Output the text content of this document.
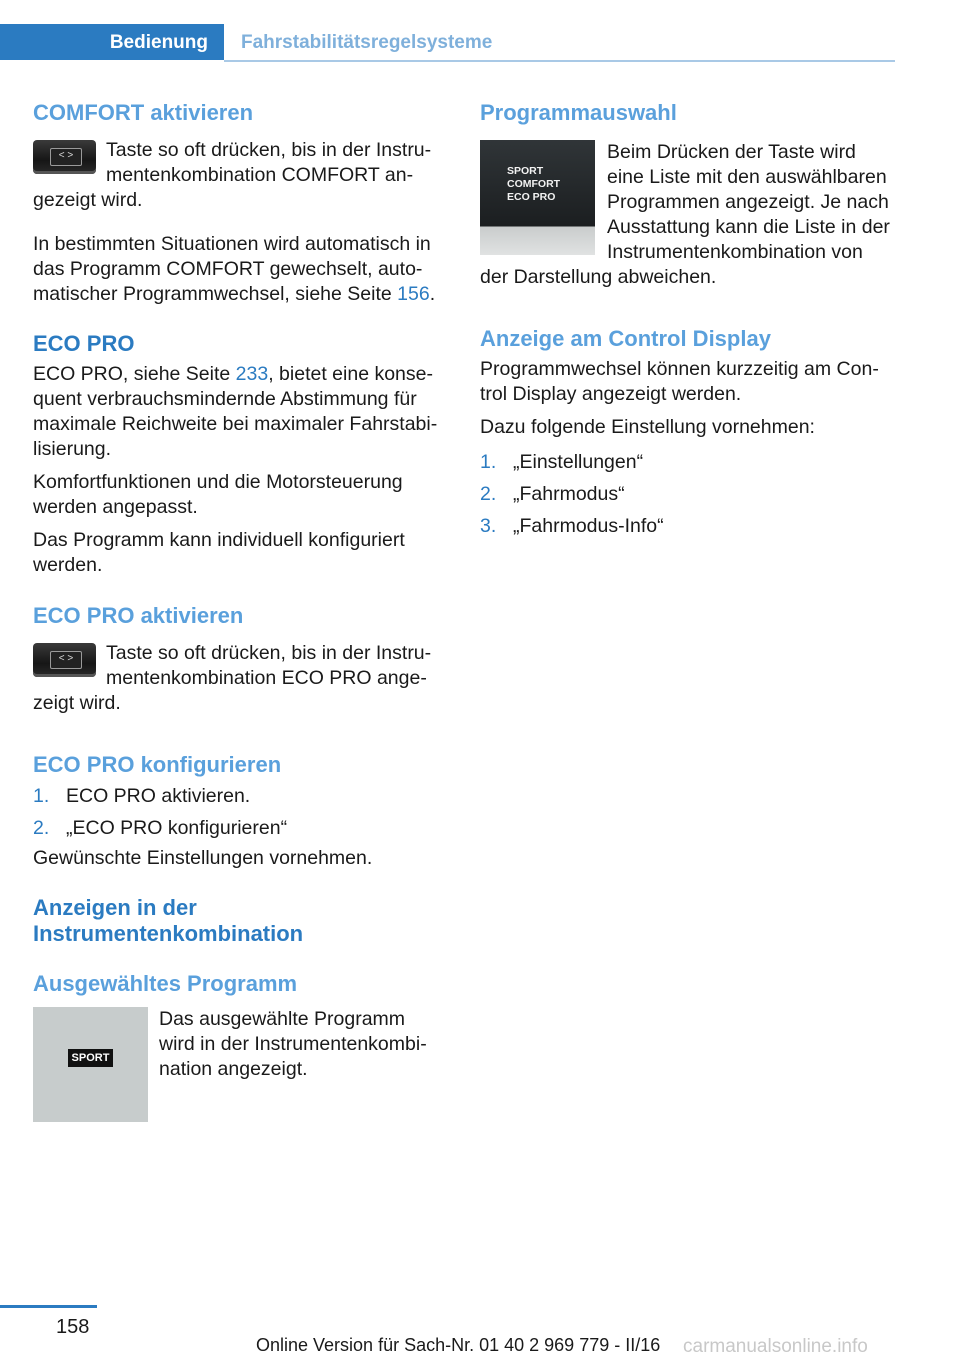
Bedienung	Fahrstabilitätsregelsysteme
COMFORT aktivieren
< >	Taste so oft drücken, bis in der Instrumentenkombination COMFORT angezeigt wird.

In bestimmten Situationen wird automatisch in das Programm COMFORT gewechselt, automatischer Programmwechsel, siehe Seite 156.

ECO PRO

ECO PRO, siehe Seite 233, bietet eine konsequent verbrauchsmindernde Abstimmung für maximale Reichweite bei maximaler Fahrstabilisierung.

Komfortfunktionen und die Motorsteuerung werden angepasst.

Das Programm kann individuell konfiguriert werden.

ECO PRO aktivieren
< >	Taste so oft drücken, bis in der Instrumentenkombination ECO PRO angezeigt wird.

ECO PRO konfigurieren
1. ECO PRO aktivieren.
2. „ECO PRO konfigurieren“

Gewünschte Einstellungen vornehmen.

Anzeigen in der
Instrumentenkombination
Ausgewähltes Programm
SPORT

Das ausgewählte Programm wird in der Instrumentenkombination angezeigt.

Programmauswahl
SPORT
COMFORT
ECO PRO

Beim Drücken der Taste wird eine Liste mit den auswählbaren Programmen angezeigt. Je nach Ausstattung kann die Liste in der Instrumentenkombination von der Darstellung abweichen.

Anzeige am Control Display

Programmwechsel können kurzzeitig am Control Display angezeigt werden.

Dazu folgende Einstellung vornehmen:

1. „Einstellungen“
2. „Fahrmodus“
3. „Fahrmodus-Info“
158
Online Version für Sach-Nr. 01 40 2 969 779 - II/16 carmanualsonline.info
